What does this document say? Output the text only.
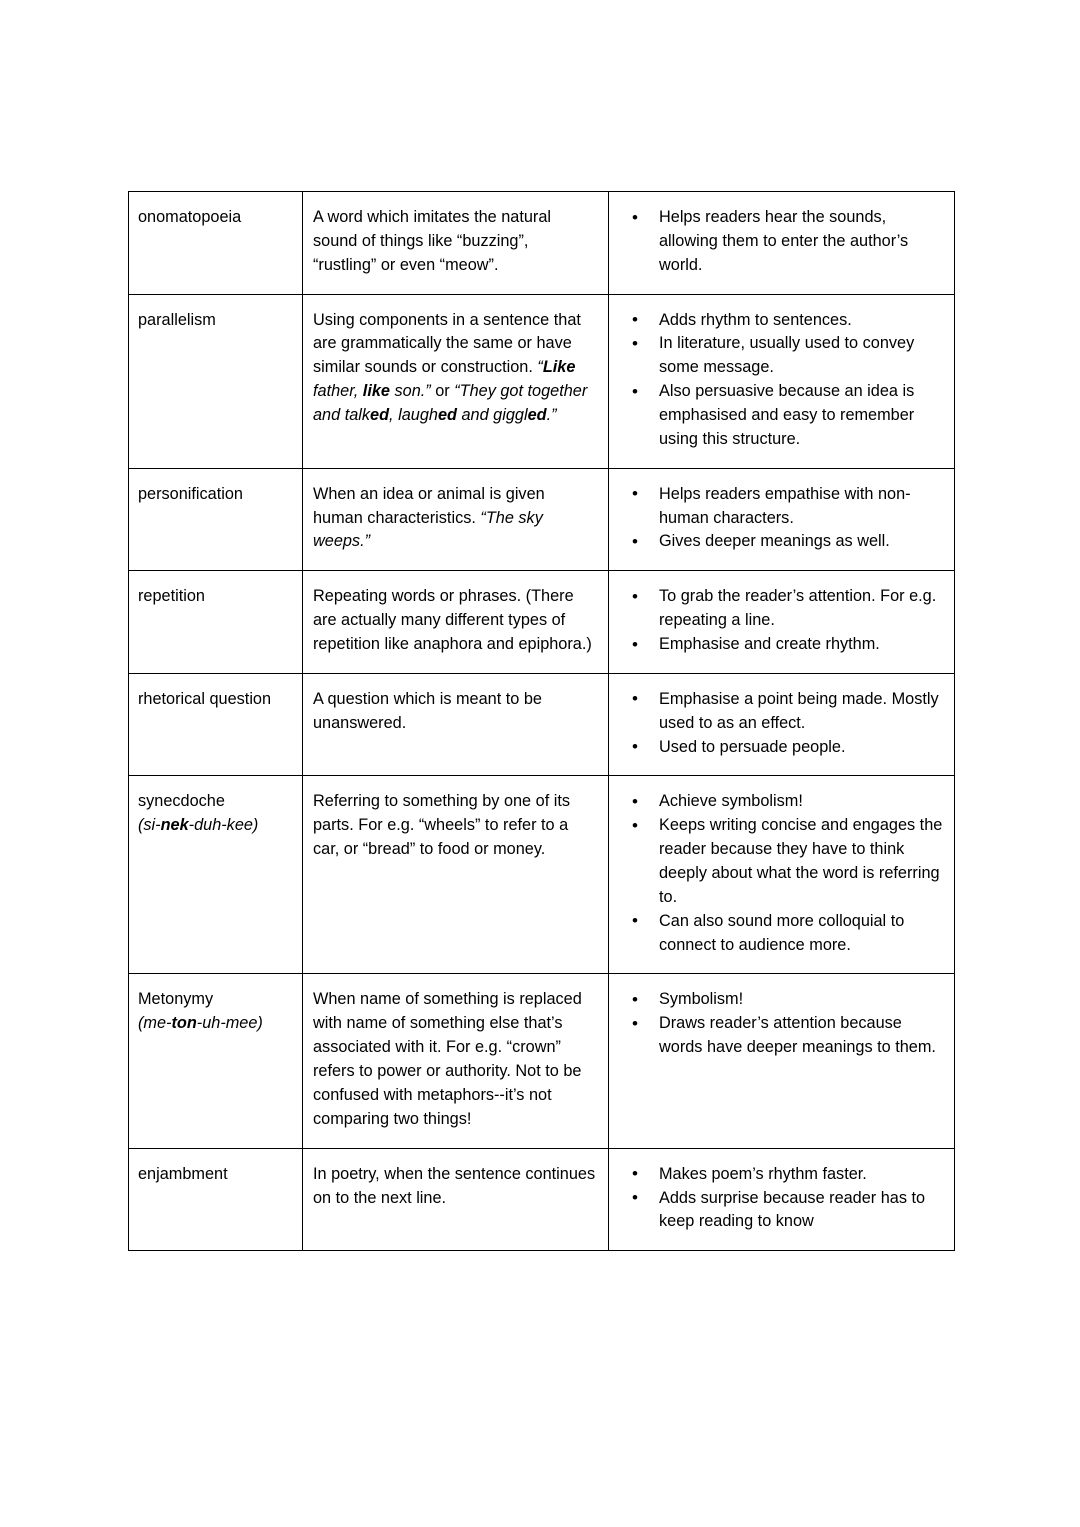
onomatopoeia	A word which imitates the natural sound of things like “buzzing”, “rustling” or even “meow”.	
• Helps readers hear the sounds, allowing them to enter the author’s world.

parallelism	Using components in a sentence that are grammatically the same or have similar sounds or construction. “Like father, like son.” or “They got together and talked, laughed and giggled.”	
• Adds rhythm to sentences.
• In literature, usually used to convey some message.
• Also persuasive because an idea is emphasised and easy to remember using this structure.

personification	When an idea or animal is given human characteristics. “The sky weeps.”	
• Helps readers empathise with non-human characters.
• Gives deeper meanings as well.

repetition	Repeating words or phrases. (There are actually many different types of repetition like anaphora and epiphora.)	
• To grab the reader’s attention. For e.g. repeating a line.
• Emphasise and create rhythm.

rhetorical question	A question which is meant to be unanswered.	
• Emphasise a point being made. Mostly used to as an effect.
• Used to persuade people.

synecdoche
(si-nek-duh-kee)
	Referring to something by one of its parts. For e.g. “wheels” to refer to a car, or “bread” to food or money.	
• Achieve symbolism!
• Keeps writing concise and engages the reader because they have to think deeply about what the word is referring to.
• Can also sound more colloquial to connect to audience more.

Metonymy
(me-ton-uh-mee)
	When name of something is replaced with name of something else that’s associated with it. For e.g. “crown” refers to power or authority. Not to be confused with metaphors--it’s not comparing two things!	
• Symbolism!
• Draws reader’s attention because words have deeper meanings to them.

enjambment	In poetry, when the sentence continues on to the next line.	
• Makes poem’s rhythm faster.
• Adds surprise because reader has to keep reading to know
